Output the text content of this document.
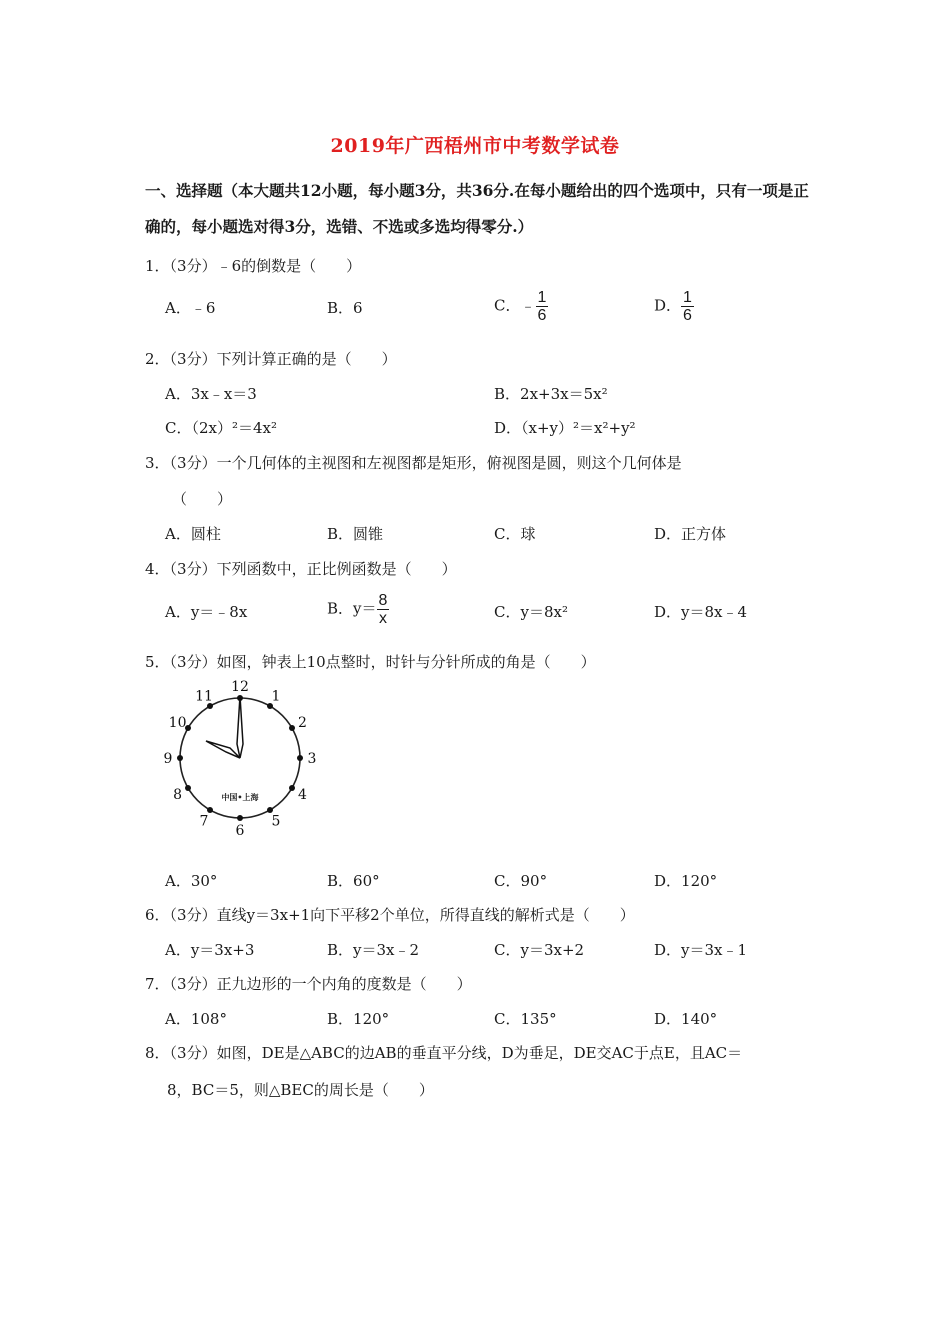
2019年广西梧州市中考数学试卷
一、选择题（本大题共12小题，每小题3分，共36分.在每小题给出的四个选项中，只有一项是正确的，每小题选对得3分，选错、不选或多选均得零分.）
1．（3分）﹣6的倒数是（　　）
A．﹣6	B．6	C．﹣ $\frac{1}{6}$	D． $\frac{1}{6}$
2．（3分）下列计算正确的是（　　）
A．3x﹣x＝3	B．2x+3x＝5x²
C．（2x）²＝4x²	D．（x+y）²＝x²+y²
3．（3分）一个几何体的主视图和左视图都是矩形，俯视图是圆，则这个几何体是
（　　）
A．圆柱	B．圆锥	C．球	D．正方体
4．（3分）下列函数中，正比例函数是（　　）
A．y＝﹣8x	B．$y= \frac{8}{x}$	C．y＝8x²	D．y＝8x﹣4
5．（3分）如图，钟表上10点整时，时针与分针所成的角是（　　）
12
1
2
3
4
5
6
7
8
9
10
11
中国•上海
A．30°	B．60°	C．90°	D．120°
6．（3分）直线y＝3x+1向下平移2个单位，所得直线的解析式是（　　）
A．y＝3x+3	B．y＝3x﹣2	C．y＝3x+2	D．y＝3x﹣1
7．（3分）正九边形的一个内角的度数是（　　）
A．108°	B．120°	C．135°	D．140°
8．（3分）如图，DE是△ABC的边AB的垂直平分线，D为垂足，DE交AC于点E，且AC＝
8，BC＝5，则△BEC的周长是（　　）
